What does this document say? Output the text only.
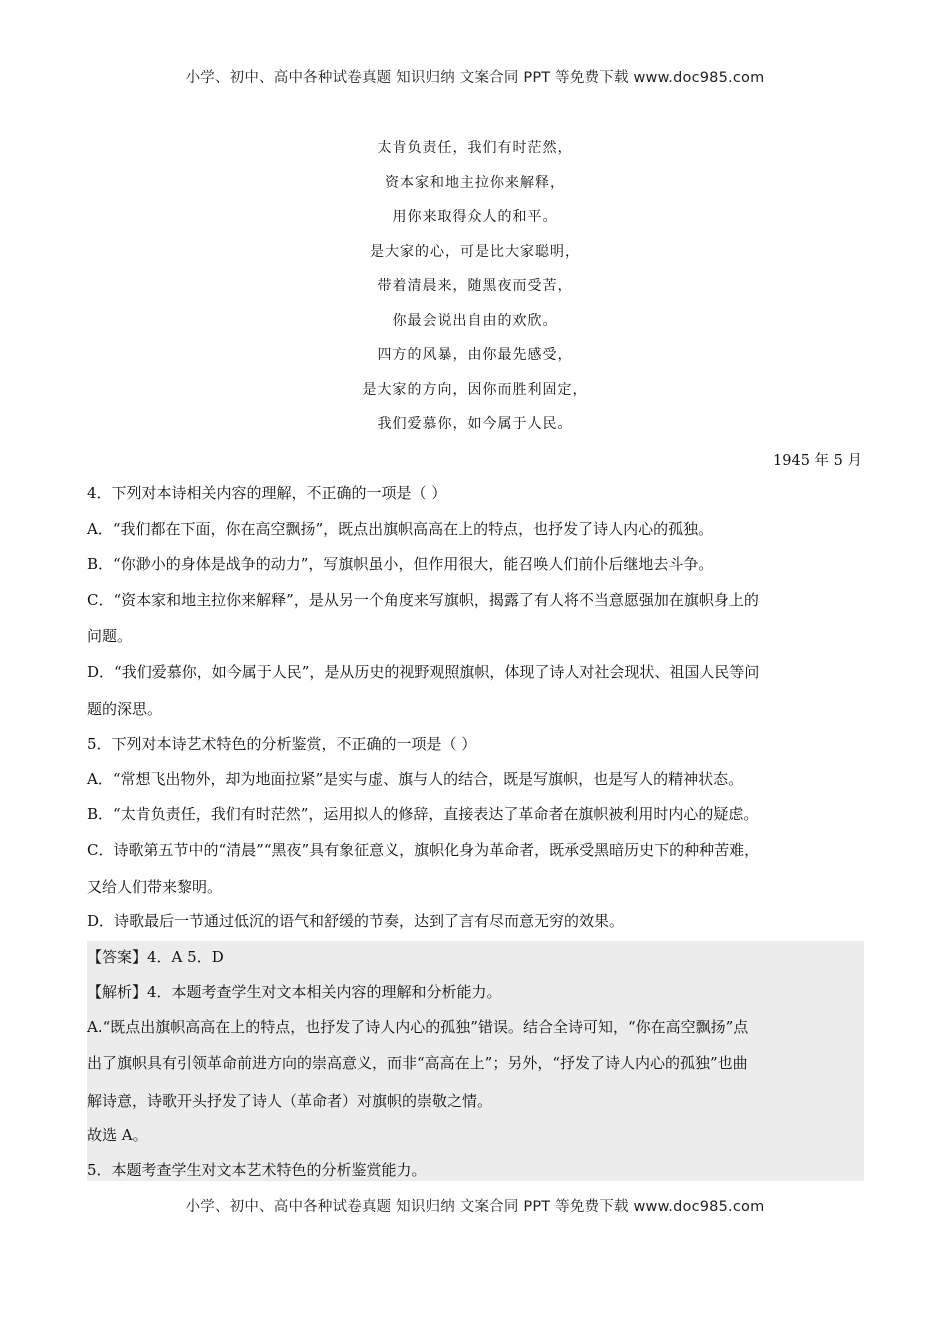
小学、初中、高中各种试卷真题 知识归纳 文案合同 PPT 等免费下载 www.doc985.com
太肯负责任，我们有时茫然，
资本家和地主拉你来解释，
用你来取得众人的和平。
是大家的心，可是比大家聪明，
带着清晨来，随黑夜而受苦，
你最会说出自由的欢欣。
四方的风暴，由你最先感受，
是大家的方向，因你而胜利固定，
我们爱慕你，如今属于人民。
1945 年 5 月
4．下列对本诗相关内容的理解，不正确的一项是（ ）
A．“我们都在下面，你在高空飘扬”，既点出旗帜高高在上的特点，也抒发了诗人内心的孤独。
B．“你渺小的身体是战争的动力”，写旗帜虽小，但作用很大，能召唤人们前仆后继地去斗争。
C．“资本家和地主拉你来解释”，是从另一个角度来写旗帜，揭露了有人将不当意愿强加在旗帜身上的
问题。
D．“我们爱慕你，如今属于人民”，是从历史的视野观照旗帜，体现了诗人对社会现状、祖国人民等问
题的深思。
5．下列对本诗艺术特色的分析鉴赏，不正确的一项是（ ）
A．“常想飞出物外，却为地面拉紧”是实与虚、旗与人的结合，既是写旗帜，也是写人的精神状态。
B．“太肯负责任，我们有时茫然”，运用拟人的修辞，直接表达了革命者在旗帜被利用时内心的疑虑。
C．诗歌第五节中的“清晨”“黑夜”具有象征意义，旗帜化身为革命者，既承受黑暗历史下的种种苦难，
又给人们带来黎明。
D．诗歌最后一节通过低沉的语气和舒缓的节奏，达到了言有尽而意无穷的效果。
【答案】4．A 5．D
【解析】4．本题考查学生对文本相关内容的理解和分析能力。
A.“既点出旗帜高高在上的特点，也抒发了诗人内心的孤独”错误。结合全诗可知，“你在高空飘扬”点
出了旗帜具有引领革命前进方向的崇高意义，而非“高高在上”；另外，“抒发了诗人内心的孤独”也曲
解诗意，诗歌开头抒发了诗人（革命者）对旗帜的崇敬之情。
故选 A。
5．本题考查学生对文本艺术特色的分析鉴赏能力。
小学、初中、高中各种试卷真题 知识归纳 文案合同 PPT 等免费下载 www.doc985.com
